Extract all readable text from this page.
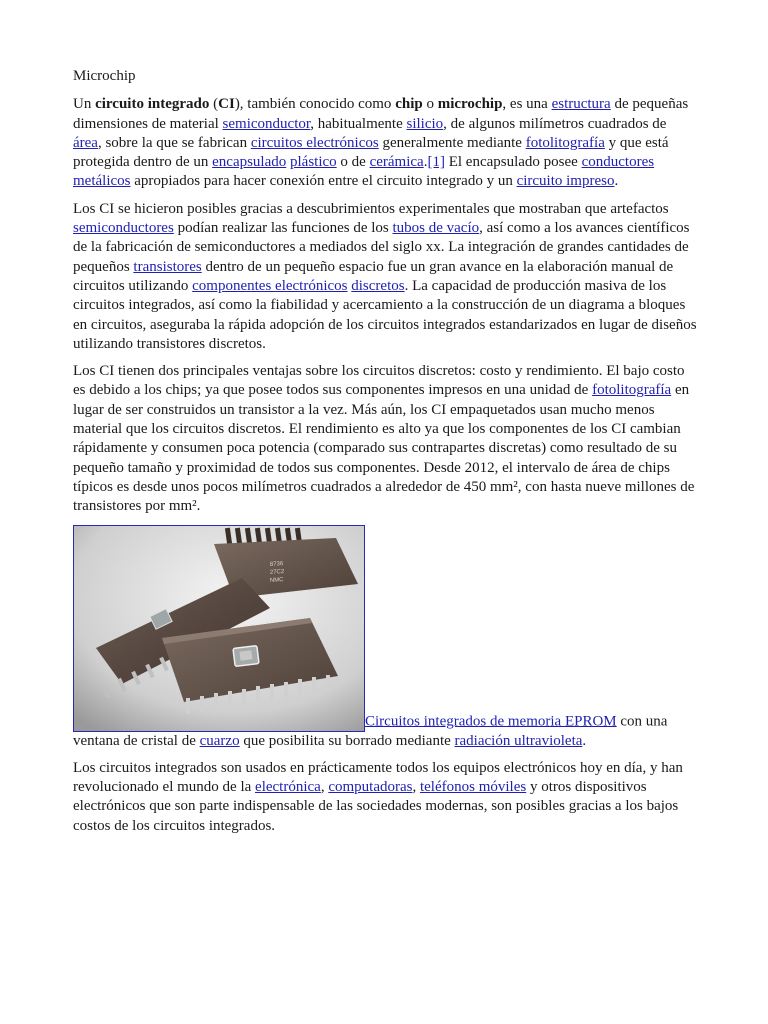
Microchip

Un circuito integrado (CI), también conocido como chip o microchip, es una estructura de pequeñas dimensiones de material semiconductor, habitualmente silicio, de algunos milímetros cuadrados de área, sobre la que se fabrican circuitos electrónicos generalmente mediante fotolitografía y que está protegida dentro de un encapsulado plástico o de cerámica.[1] El encapsulado posee conductores metálicos apropiados para hacer conexión entre el circuito integrado y un circuito impreso.

Los CI se hicieron posibles gracias a descubrimientos experimentales que mostraban que artefactos semiconductores podían realizar las funciones de los tubos de vacío, así como a los avances científicos de la fabricación de semiconductores a mediados del siglo xx. La integración de grandes cantidades de pequeños transistores dentro de un pequeño espacio fue un gran avance en la elaboración manual de circuitos utilizando componentes electrónicos discretos. La capacidad de producción masiva de los circuitos integrados, así como la fiabilidad y acercamiento a la construcción de un diagrama a bloques en circuitos, aseguraba la rápida adopción de los circuitos integrados estandarizados en lugar de diseños utilizando transistores discretos.

Los CI tienen dos principales ventajas sobre los circuitos discretos: costo y rendimiento. El bajo costo es debido a los chips; ya que posee todos sus componentes impresos en una unidad de fotolitografía en lugar de ser construidos un transistor a la vez. Más aún, los CI empaquetados usan mucho menos material que los circuitos discretos. El rendimiento es alto ya que los componentes de los CI cambian rápidamente y consumen poca potencia (comparado sus contrapartes discretas) como resultado de su pequeño tamaño y proximidad de todos sus componentes. Desde 2012, el intervalo de área de chips típicos es desde unos pocos milímetros cuadrados a alrededor de 450 mm², con hasta nueve millones de transistores por mm².

8736
27C2
NMC
Circuitos integrados de memoria EPROM con una ventana de cristal de cuarzo que posibilita su borrado mediante radiación ultravioleta.

Los circuitos integrados son usados en prácticamente todos los equipos electrónicos hoy en día, y han revolucionado el mundo de la electrónica, computadoras, teléfonos móviles y otros dispositivos electrónicos que son parte indispensable de las sociedades modernas, son posibles gracias a los bajos costos de los circuitos integrados.
